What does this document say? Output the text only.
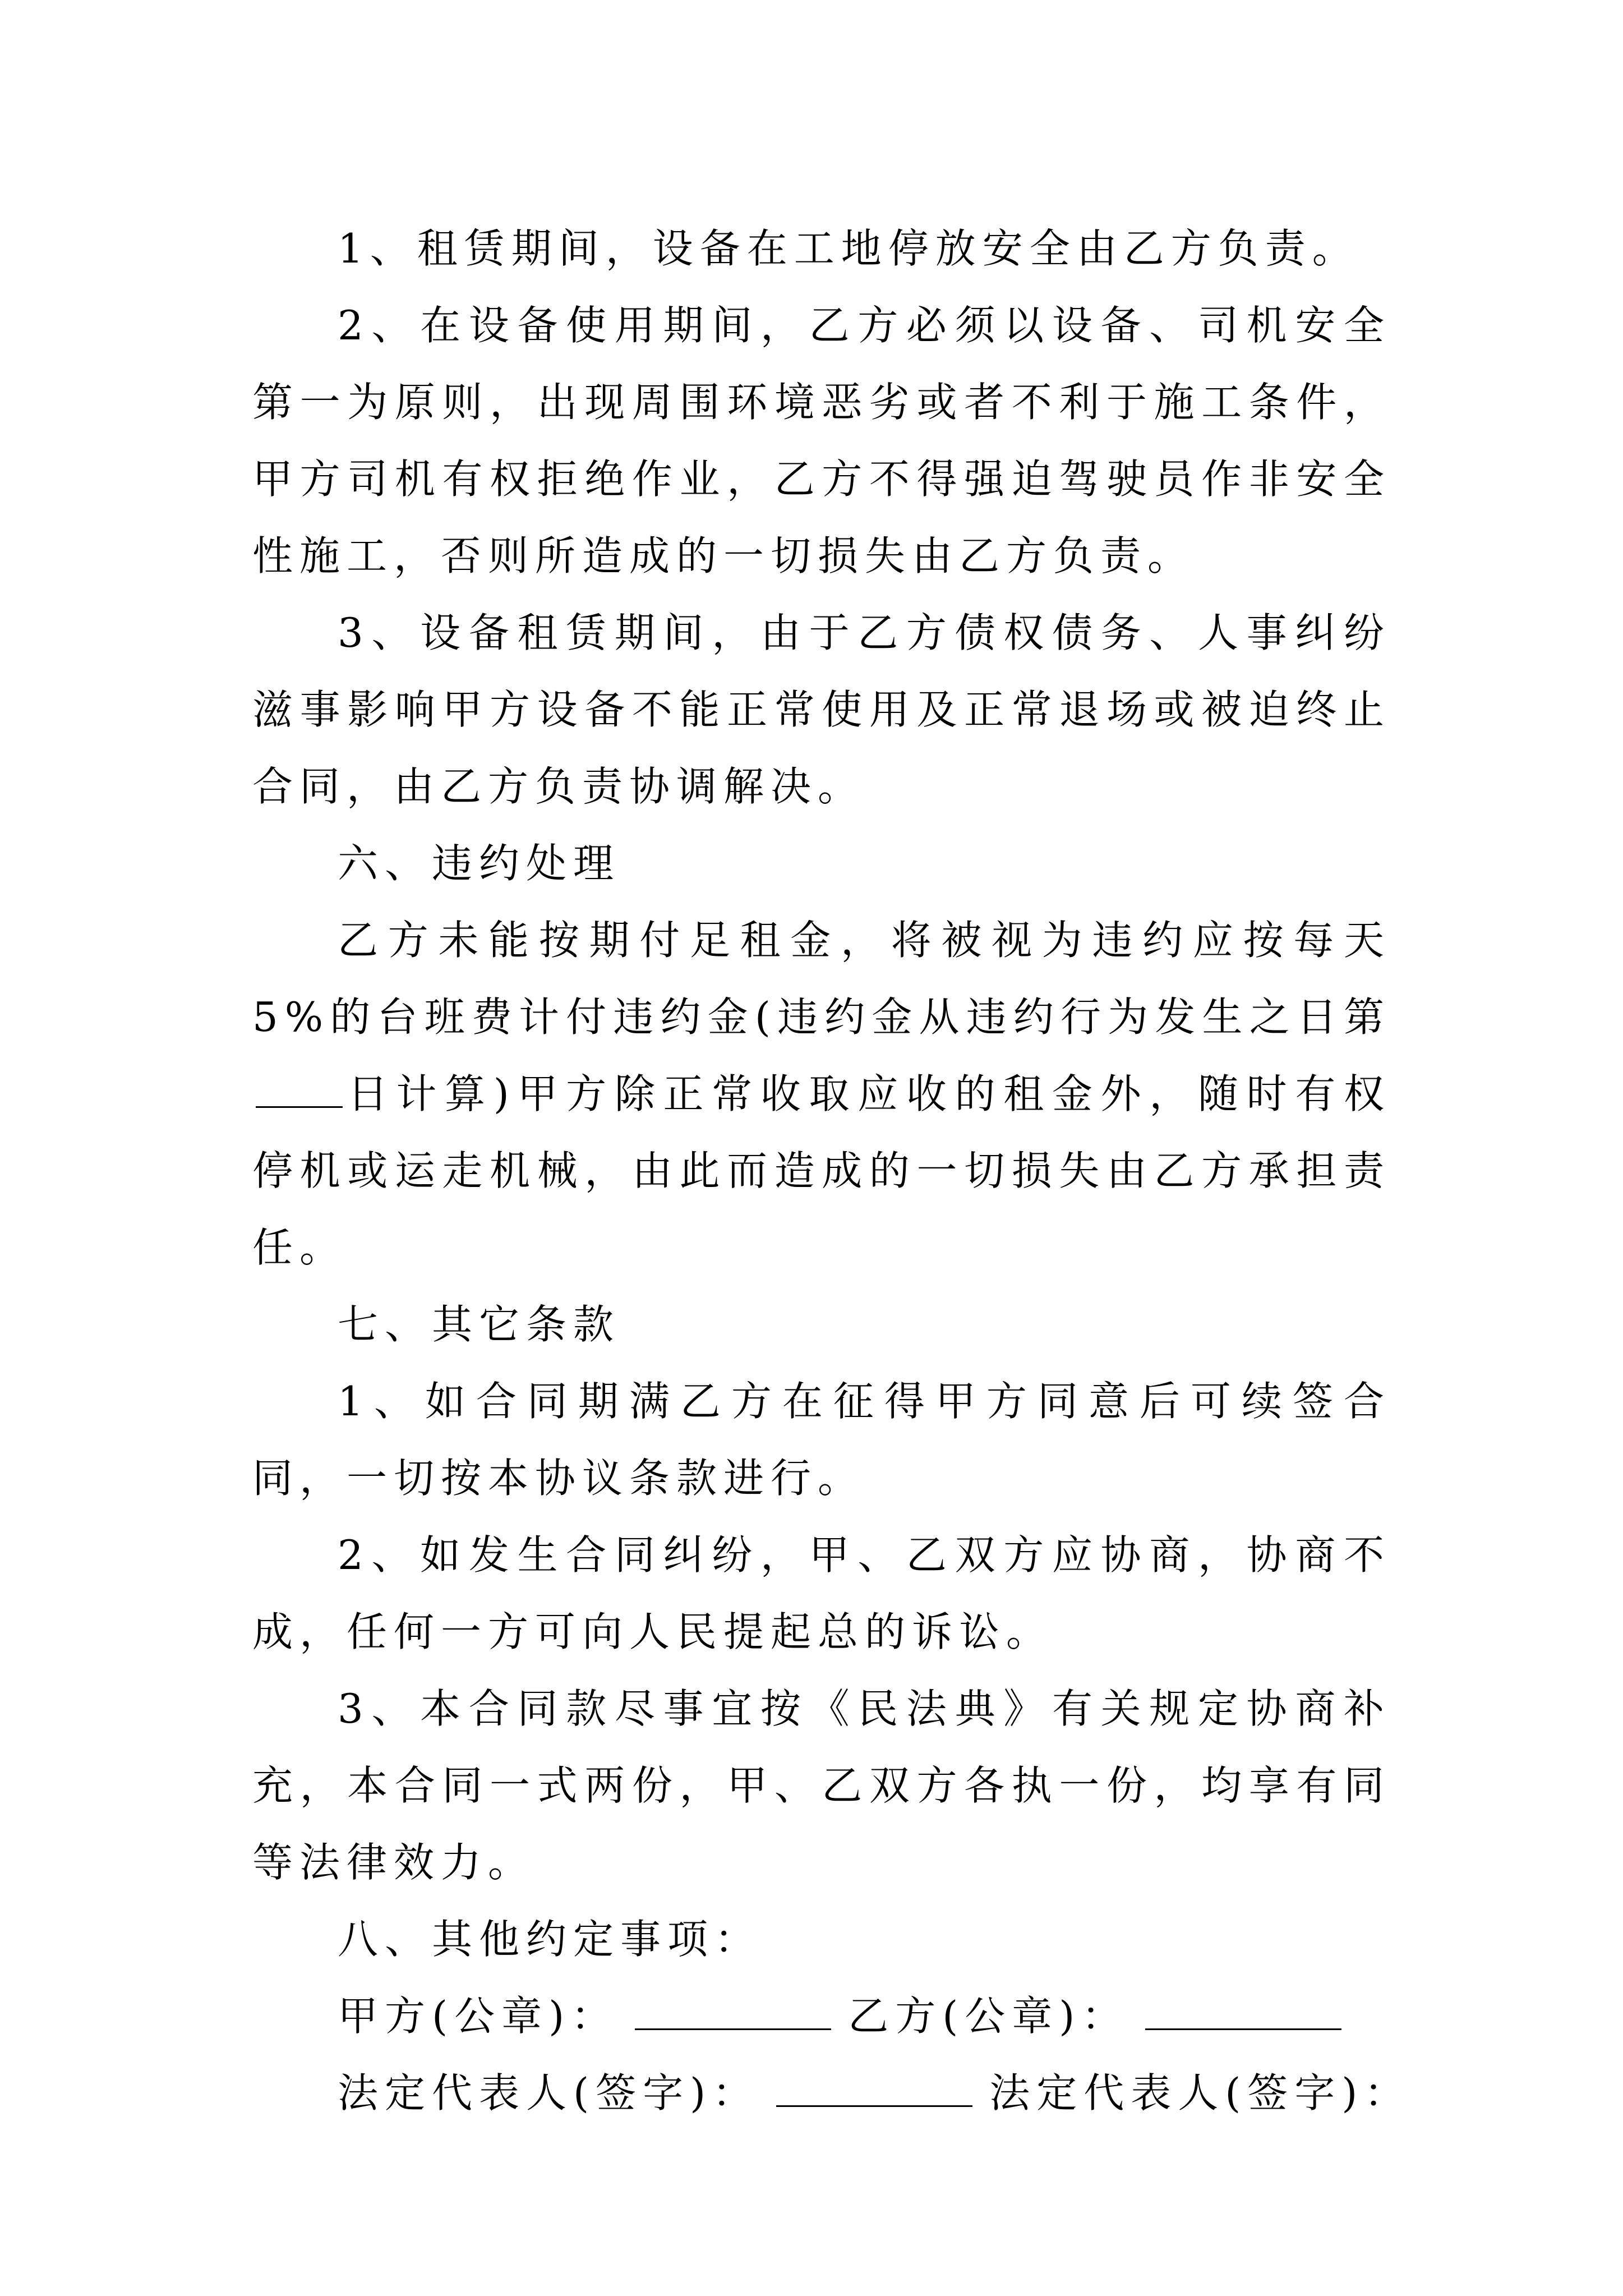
1、租赁期间，设备在工地停放安全由乙方负责。

2、在设备使用期间，乙方必须以设备、司机安全第一为原则，出现周围环境恶劣或者不利于施工条件，甲方司机有权拒绝作业，乙方不得强迫驾驶员作非安全性施工，否则所造成的一切损失由乙方负责。

3、设备租赁期间，由于乙方债权债务、人事纠纷滋事影响甲方设备不能正常使用及正常退场或被迫终止合同，由乙方负责协调解决。

六、违约处理

乙方未能按期付足租金，将被视为违约应按每天 5%的台班费计付违约金(违约金从违约行为发生之日第日计算)甲方除正常收取应收的租金外，随时有权停机或运走机械，由此而造成的一切损失由乙方承担责任。

七、其它条款

1、如合同期满乙方在征得甲方同意后可续签合同，一切按本协议条款进行。

2、如发生合同纠纷，甲、乙双方应协商，协商不成，任何一方可向人民提起总的诉讼。

3、本合同款尽事宜按《民法典》有关规定协商补充，本合同一式两份，甲、乙双方各执一份，均享有同等法律效力。

八、其他约定事项：

甲方(公章)：	乙方(公章)：

法定代表人(签字)：	法定代表人(签字)：
